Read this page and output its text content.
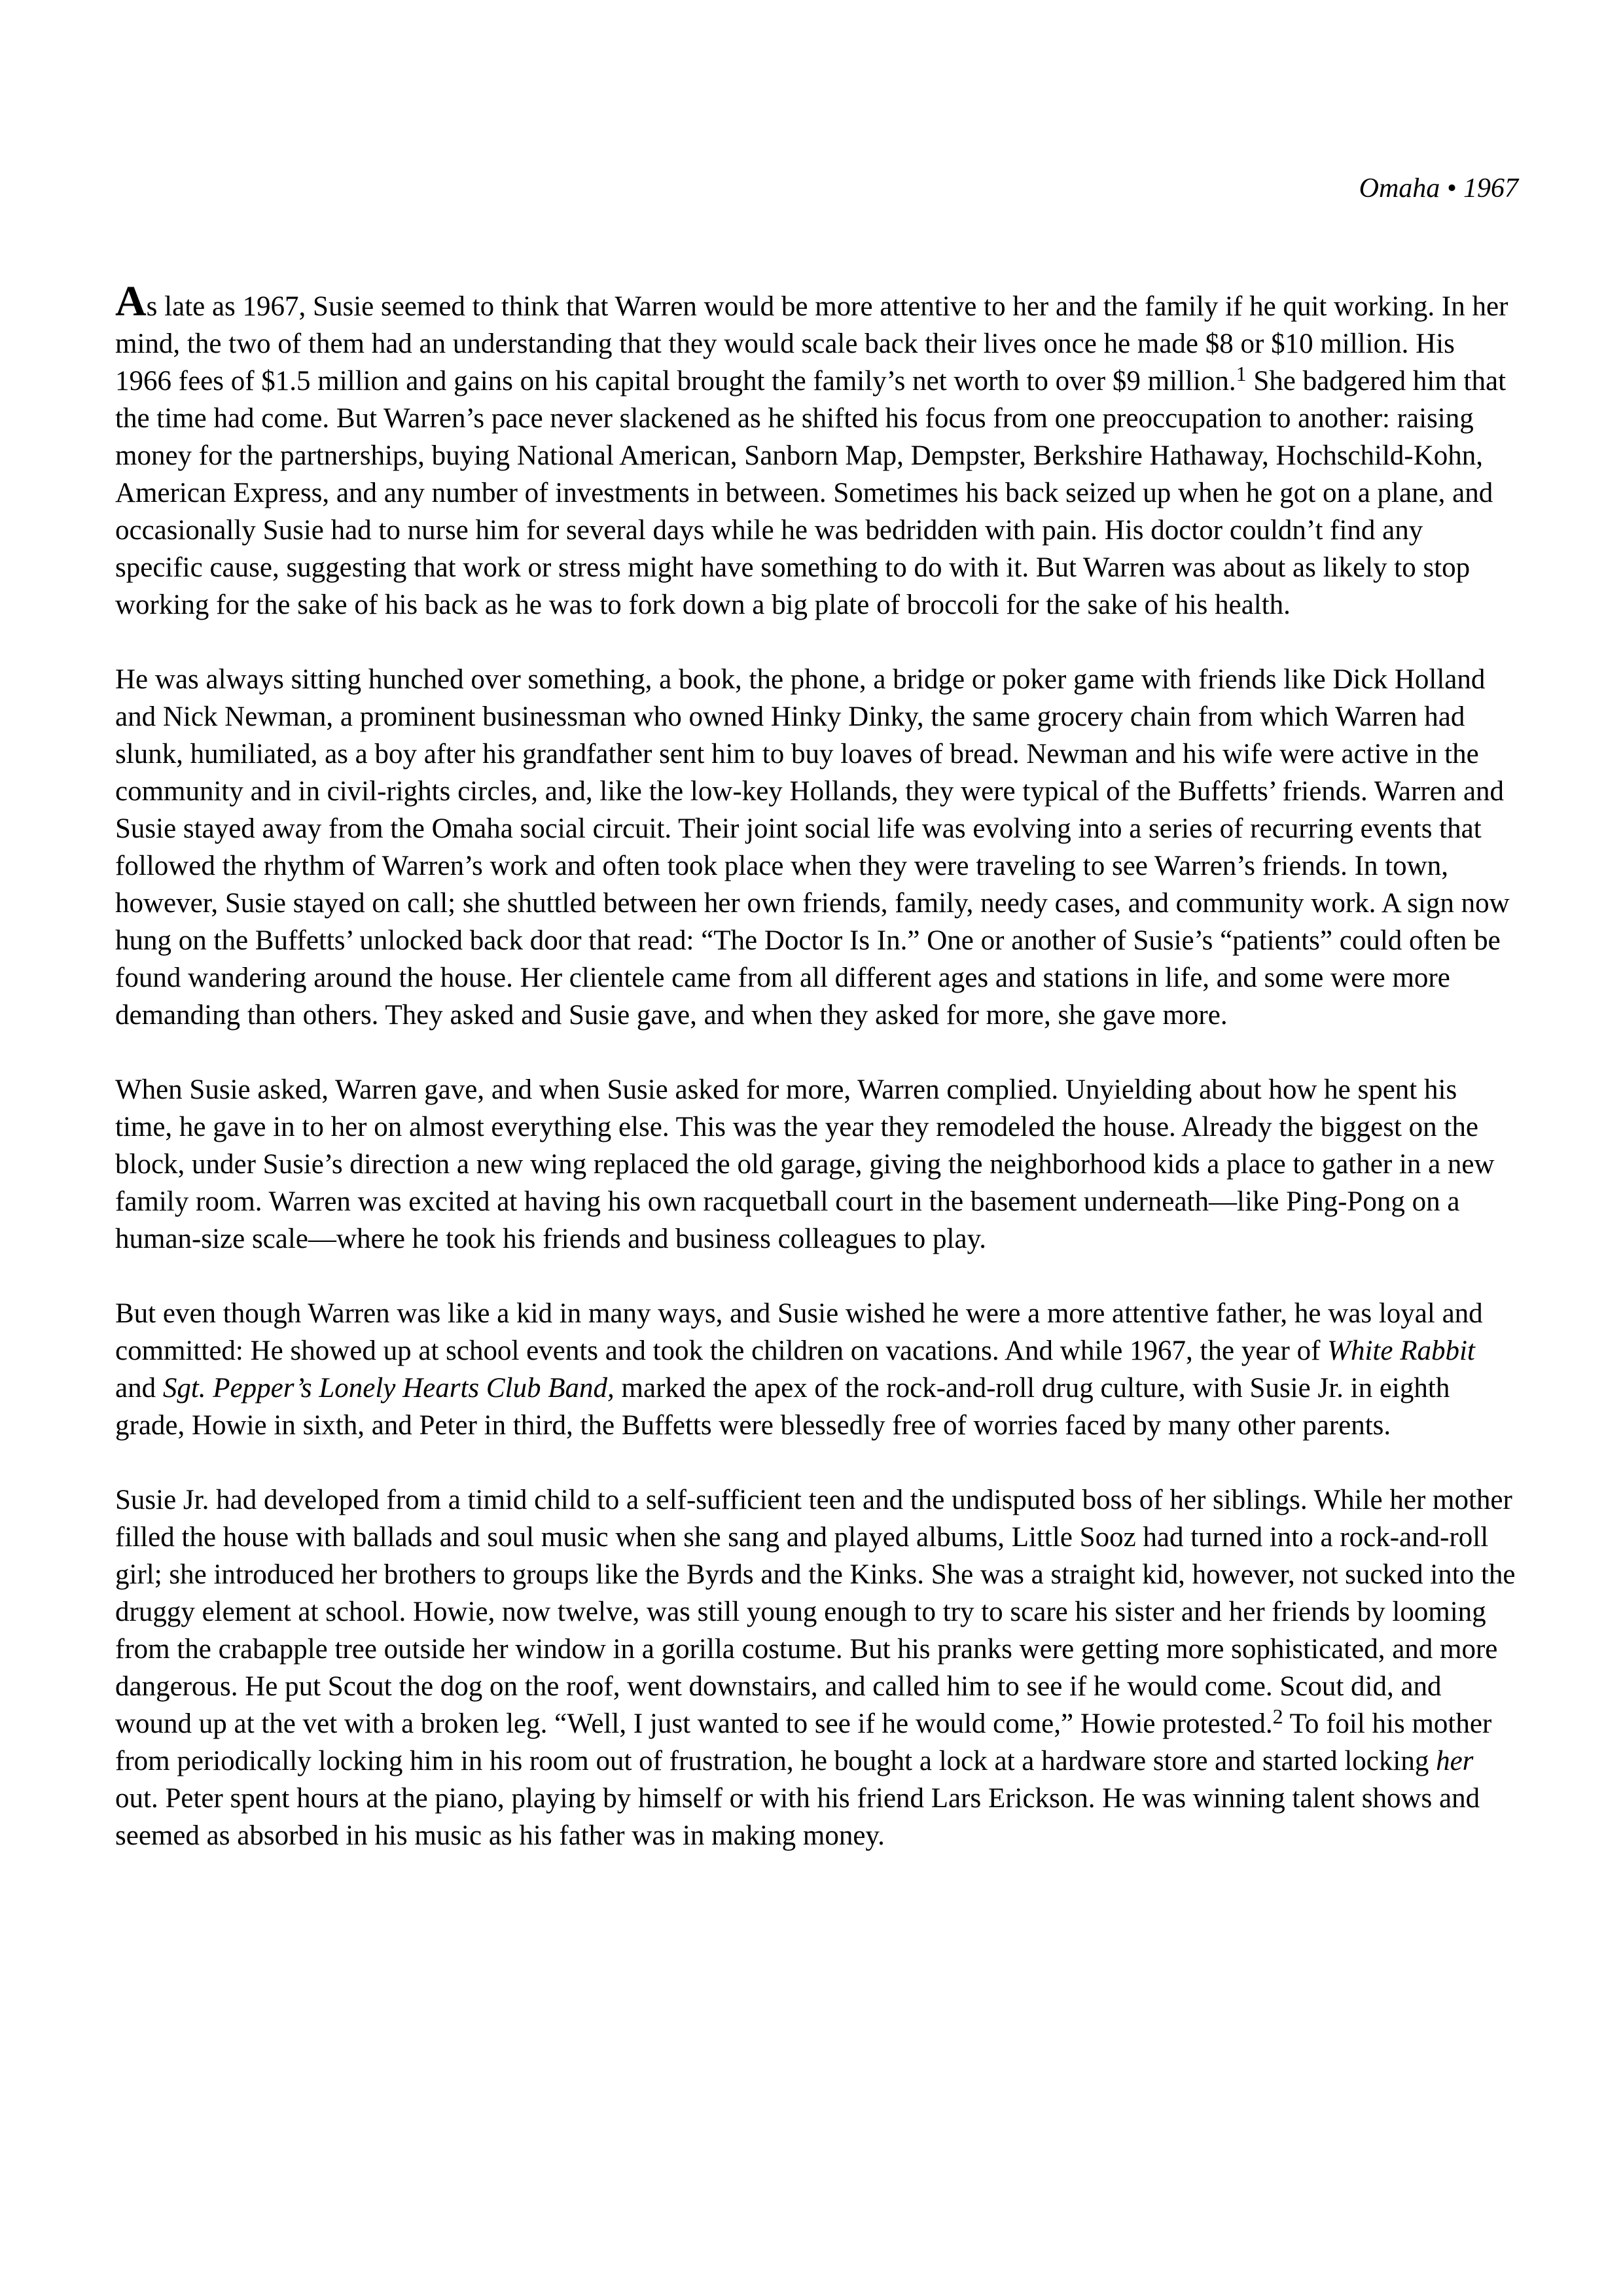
Omaha • 1967

As late as 1967, Susie seemed to think that Warren would be more attentive to her and the family if he quit working. In her mind, the two of them had an understanding that they would scale back their lives once he made $8 or $10 million. His 1966 fees of $1.5 million and gains on his capital brought the family’s net worth to over $9 million.$^1$ She badgered him that the time had come. But Warren’s pace never slackened as he shifted his focus from one preoccupation to another: raising money for the partnerships, buying National American, Sanborn Map, Dempster, Berkshire Hathaway, Hochschild-Kohn, American Express, and any number of investments in between. Sometimes his back seized up when he got on a plane, and occasionally Susie had to nurse him for several days while he was bedridden with pain. His doctor couldn’t find any specific cause, suggesting that work or stress might have something to do with it. But Warren was about as likely to stop working for the sake of his back as he was to fork down a big plate of broccoli for the sake of his health.

He was always sitting hunched over something, a book, the phone, a bridge or poker game with friends like Dick Holland and Nick Newman, a prominent businessman who owned Hinky Dinky, the same grocery chain from which Warren had slunk, humiliated, as a boy after his grandfather sent him to buy loaves of bread. Newman and his wife were active in the community and in civil-rights circles, and, like the low-key Hollands, they were typical of the Buffetts’ friends. Warren and Susie stayed away from the Omaha social circuit. Their joint social life was evolving into a series of recurring events that followed the rhythm of Warren’s work and often took place when they were traveling to see Warren’s friends. In town, however, Susie stayed on call; she shuttled between her own friends, family, needy cases, and community work. A sign now hung on the Buffetts’ unlocked back door that read: “The Doctor Is In.” One or another of Susie’s “patients” could often be found wandering around the house. Her clientele came from all different ages and stations in life, and some were more demanding than others. They asked and Susie gave, and when they asked for more, she gave more.

When Susie asked, Warren gave, and when Susie asked for more, Warren complied. Unyielding about how he spent his time, he gave in to her on almost everything else. This was the year they remodeled the house. Already the biggest on the block, under Susie’s direction a new wing replaced the old garage, giving the neighborhood kids a place to gather in a new family room. Warren was excited at having his own racquetball court in the basement underneath—like Ping-Pong on a human-size scale—where he took his friends and business colleagues to play.

But even though Warren was like a kid in many ways, and Susie wished he were a more attentive father, he was loyal and committed: He showed up at school events and took the children on vacations. And while 1967, the year of White Rabbit and Sgt. Pepper’s Lonely Hearts Club Band, marked the apex of the rock-and-roll drug culture, with Susie Jr. in eighth grade, Howie in sixth, and Peter in third, the Buffetts were blessedly free of worries faced by many other parents.

Susie Jr. had developed from a timid child to a self-sufficient teen and the undisputed boss of her siblings. While her mother filled the house with ballads and soul music when she sang and played albums, Little Sooz had turned into a rock-and-roll girl; she introduced her brothers to groups like the Byrds and the Kinks. She was a straight kid, however, not sucked into the druggy element at school. Howie, now twelve, was still young enough to try to scare his sister and her friends by looming from the crabapple tree outside her window in a gorilla costume. But his pranks were getting more sophisticated, and more dangerous. He put Scout the dog on the roof, went downstairs, and called him to see if he would come. Scout did, and wound up at the vet with a broken leg. “Well, I just wanted to see if he would come,” Howie protested.$^2$ To foil his mother from periodically locking him in his room out of frustration, he bought a lock at a hardware store and started locking her out. Peter spent hours at the piano, playing by himself or with his friend Lars Erickson. He was winning talent shows and seemed as absorbed in his music as his father was in making money.
